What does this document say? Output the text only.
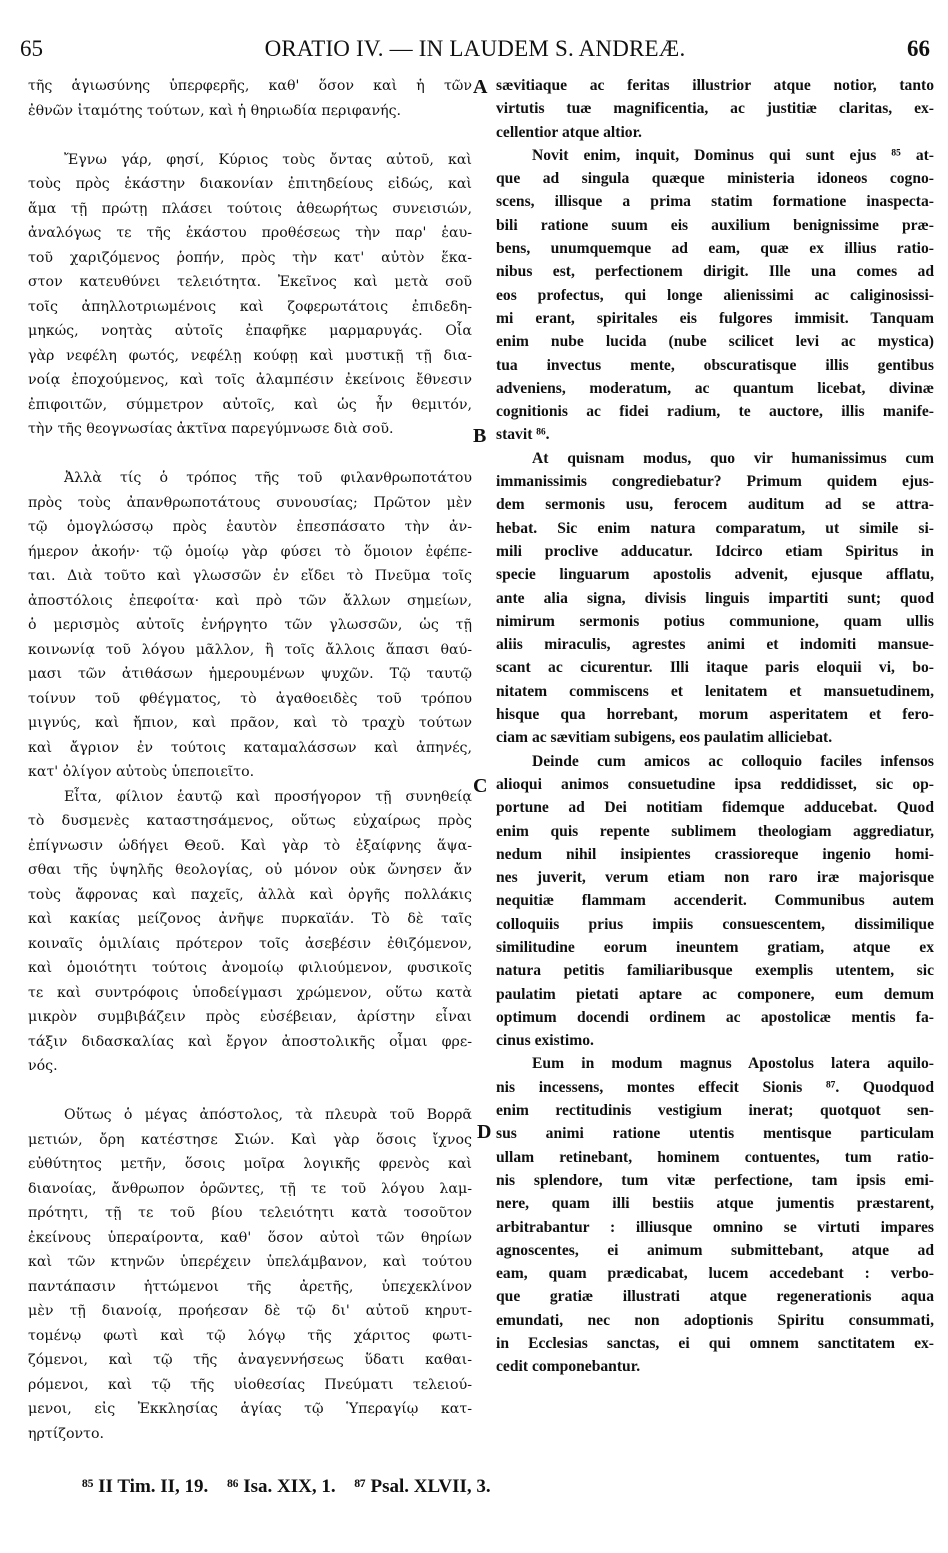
65	ORATIO IV. — IN LAUDEM S. ANDREÆ.	66
τῆς ἁγιωσύνης ὑπερφερῆς, καθ' ὅσον καὶ ἡ τῶν
ἐθνῶν ἰταμότης τούτων, καὶ ἡ θηριωδία περιφανής.
Ἔγνω γάρ, φησί, Κύριος τοὺς ὄντας αὐτοῦ, καὶ
τοὺς πρὸς ἑκάστην διακονίαν ἐπιτηδείους εἰδώς, καὶ
ἅμα τῇ πρώτῃ πλάσει τούτοις ἀθεωρήτως συνεισιών,
ἀναλόγως τε τῆς ἑκάστου προθέσεως τὴν παρ' ἑαυ-
τοῦ χαριζόμενος ῥοπήν, πρὸς τὴν κατ' αὐτὸν ἕκα-
στον κατευθύνει τελειότητα. Ἐκεῖνος καὶ μετὰ σοῦ
τοῖς ἀπηλλοτριωμένοις καὶ ζοφερωτάτοις ἐπιδεδη-
μηκώς, νοητὰς αὐτοῖς ἐπαφῆκε μαρμαρυγάς. Οἷα
γὰρ νεφέλη φωτός, νεφέλῃ κούφῃ καὶ μυστικῇ τῇ δια-
νοίᾳ ἐποχούμενος, καὶ τοῖς ἀλαμπέσιν ἐκείνοις ἔθνεσιν
ἐπιφοιτῶν, σύμμετρον αὐτοῖς, καὶ ὡς ἦν θεμιτόν,
τὴν τῆς θεογνωσίας ἀκτῖνα παρεγύμνωσε διὰ σοῦ.
Ἀλλὰ τίς ὁ τρόπος τῆς τοῦ φιλανθρωποτάτου
πρὸς τοὺς ἀπανθρωποτάτους συνουσίας; Πρῶτον μὲν
τῷ ὁμογλώσσῳ πρὸς ἑαυτὸν ἐπεσπάσατο τὴν ἀν-
ήμερον ἀκοήν· τῷ ὁμοίῳ γὰρ φύσει τὸ ὅμοιον ἐφέπε-
ται. Διὰ τοῦτο καὶ γλωσσῶν ἐν εἴδει τὸ Πνεῦμα τοῖς
ἀποστόλοις ἐπεφοίτα· καὶ πρὸ τῶν ἄλλων σημείων,
ὁ μερισμὸς αὐτοῖς ἐνήργητο τῶν γλωσσῶν, ὡς τῇ
κοινωνίᾳ τοῦ λόγου μᾶλλον, ἢ τοῖς ἄλλοις ἅπασι θαύ-
μασι τῶν ἀτιθάσων ἡμερουμένων ψυχῶν. Τῷ ταυτῷ
τοίνυν τοῦ φθέγματος, τὸ ἀγαθοειδὲς τοῦ τρόπου
μιγνύς, καὶ ἤπιον, καὶ πρᾶον, καὶ τὸ τραχὺ τούτων
καὶ ἄγριον ἐν τούτοις καταμαλάσσων καὶ ἀπηνές,
κατ' ὀλίγον αὐτοὺς ὑπεποιεῖτο.
Εἶτα, φίλιον ἑαυτῷ καὶ προσήγορον τῇ συνηθείᾳ
τὸ δυσμενὲς καταστησάμενος, οὕτως εὐχαίρως πρὸς
ἐπίγνωσιν ὡδήγει Θεοῦ. Καὶ γὰρ τὸ ἐξαίφνης ἅψα-
σθαι τῆς ὑψηλῆς θεολογίας, οὐ μόνον οὐκ ὤνησεν ἄν
τοὺς ἄφρονας καὶ παχεῖς, ἀλλὰ καὶ ὀργῆς πολλάκις
καὶ κακίας μείζονος ἀνῆψε πυρκαϊάν. Τὸ δὲ ταῖς
κοιναῖς ὁμιλίαις πρότερον τοῖς ἀσεβέσιν ἐθιζόμενον,
καὶ ὁμοιότητι τούτοις ἀνομοίῳ φιλιούμενον, φυσικοῖς
τε καὶ συντρόφοις ὑποδείγμασι χρώμενον, οὕτω κατὰ
μικρὸν συμβιβάζειν πρὸς εὐσέβειαν, ἀρίστην εἶναι
τάξιν διδασκαλίας καὶ ἔργον ἀποστολικῆς οἶμαι φρε-
νός.
Οὕτως ὁ μέγας ἀπόστολος, τὰ πλευρὰ τοῦ Βορρᾶ
μετιών, ὄρη κατέστησε Σιών. Καὶ γὰρ ὅσοις ἴχνος
εὐθύτητος μετῆν, ὅσοις μοῖρα λογικῆς φρενὸς καὶ
διανοίας, ἄνθρωπον ὁρῶντες, τῇ τε τοῦ λόγου λαμ-
πρότητι, τῇ τε τοῦ βίου τελειότητι κατὰ τοσοῦτον
ἐκείνους ὑπεραίροντα, καθ' ὅσον αὐτοὶ τῶν θηρίων
καὶ τῶν κτηνῶν ὑπερέχειν ὑπελάμβανον, καὶ τούτου
παντάπασιν ἡττώμενοι τῆς ἀρετῆς, ὑπεχεκλίνον
μὲν τῇ διανοίᾳ, προήεσαν δὲ τῷ δι' αὐτοῦ κηρυτ-
τομένῳ φωτὶ καὶ τῷ λόγῳ τῆς χάριτος φωτι-
ζόμενοι, καὶ τῷ τῆς ἀναγεννήσεως ὕδατι καθαι-
ρόμενοι, καὶ τῷ τῆς υἱοθεσίας Πνεύματι τελειού-
μενοι, εἰς Ἐκκλησίας ἁγίας τῷ Ὑπεραγίῳ κατ-
ηρτίζοντο.
sævitiaque ac feritas illustrior atque notior, tanto
virtutis tuæ magnificentia, ac justitiæ claritas, ex-
cellentior atque altior.
Novit enim, inquit, Dominus qui sunt ejus ⁸⁵ at-
que ad singula quæque ministeria idoneos cogno-
scens, illisque a prima statim formatione inaspecta-
bili ratione suum eis auxilium benignissime præ-
bens, unumquemque ad eam, quæ ex illius ratio-
nibus est, perfectionem dirigit. Ille una comes ad
eos profectus, qui longe alienissimi ac caliginosissi-
mi erant, spiritales eis fulgores immisit. Tanquam
enim nube lucida (nube scilicet levi ac mystica)
tua invectus mente, obscuratisque illis gentibus
adveniens, moderatum, ac quantum licebat, divinæ
cognitionis ac fidei radium, te auctore, illis manife-
stavit ⁸⁶.
At quisnam modus, quo vir humanissimus cum
immanissimis congrediebatur? Primum quidem ejus-
dem sermonis usu, ferocem auditum ad se attra-
hebat. Sic enim natura comparatum, ut simile si-
mili proclive adducatur. Idcirco etiam Spiritus in
specie linguarum apostolis advenit, ejusque afflatu,
ante alia signa, divisis linguis impartiti sunt; quod
nimirum sermonis potius communione, quam ullis
aliis miraculis, agrestes animi et indomiti mansue-
scant ac cicurentur. Illi itaque paris eloquii vi, bo-
nitatem commiscens et lenitatem et mansuetudinem,
hisque qua horrebant, morum asperitatem et fero-
ciam ac sævitiam subigens, eos paulatim alliciebat.
Deinde cum amicos ac colloquio faciles infensos
alioqui animos consuetudine ipsa reddidisset, sic op-
portune ad Dei notitiam fidemque adducebat. Quod
enim quis repente sublimem theologiam aggrediatur,
nedum nihil insipientes crassioreque ingenio homi-
nes juverit, verum etiam non raro iræ majorisque
nequitiæ flammam accenderit. Communibus autem
colloquiis prius impiis consuescentem, dissimilique
similitudine eorum ineuntem gratiam, atque ex
natura petitis familiaribusque exemplis utentem, sic
paulatim pietati aptare ac componere, eum demum
optimum docendi ordinem ac apostolicæ mentis fa-
cinus existimo.
Eum in modum magnus Apostolus latera aquilo-
nis incessens, montes effecit Sionis ⁸⁷. Quodquod
enim rectitudinis vestigium inerat; quotquot sen-
sus animi ratione utentis mentisque particulam
ullam retinebant, hominem contuentes, tum ratio-
nis splendore, tum vitæ perfectione, tam ipsis emi-
nere, quam illi bestiis atque jumentis præstarent,
arbitrabantur : illiusque omnino se virtuti impares
agnoscentes, ei animum submittebant, atque ad
eam, quam prædicabat, lucem accedebant : verbo-
que gratiæ illustrati atque regenerationis aqua
emundati, nec non adoptionis Spiritu consummati,
in Ecclesias sanctas, ei qui omnem sanctitatem ex-
cedit componebantur.
A
B
C
D
⁸⁵ II Tim. II, 19. ⁸⁶ Isa. XIX, 1. ⁸⁷ Psal. XLVII, 3.
